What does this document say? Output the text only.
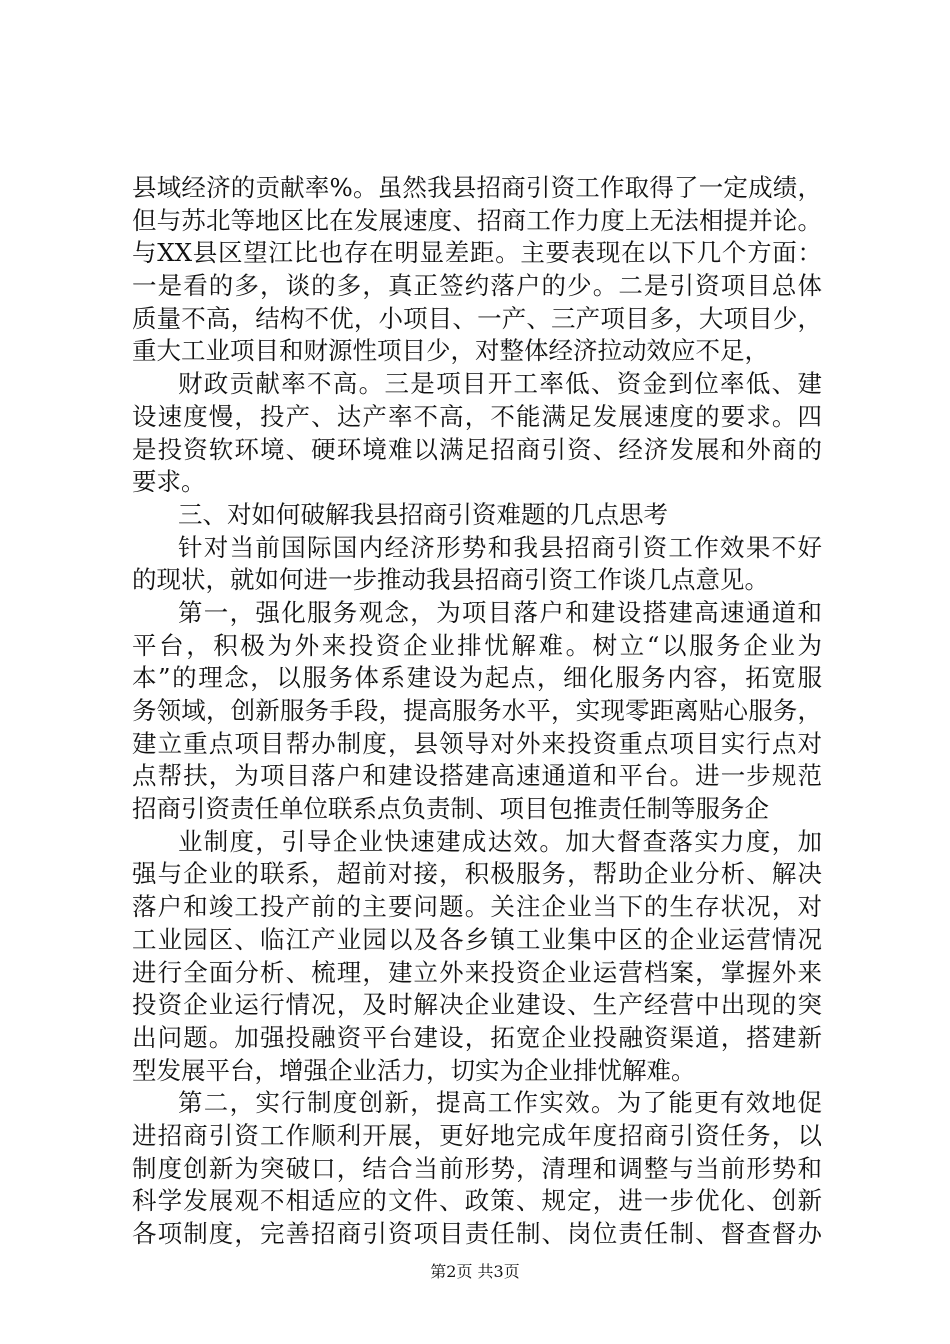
县域经济的贡献率%。虽然我县招商引资工作取得了一定成绩，
但与苏北等地区比在发展速度、招商工作力度上无法相提并论。
与XX县区望江比也存在明显差距。主要表现在以下几个方面：
一是看的多，谈的多，真正签约落户的少。二是引资项目总体
质量不高，结构不优，小项目、一产、三产项目多，大项目少，
重大工业项目和财源性项目少，对整体经济拉动效应不足，
财政贡献率不高。三是项目开工率低、资金到位率低、建
设速度慢，投产、达产率不高，不能满足发展速度的要求。四
是投资软环境、硬环境难以满足招商引资、经济发展和外商的
要求。
三、对如何破解我县招商引资难题的几点思考
针对当前国际国内经济形势和我县招商引资工作效果不好
的现状，就如何进一步推动我县招商引资工作谈几点意见。
第一，强化服务观念，为项目落户和建设搭建高速通道和
平台，积极为外来投资企业排忧解难。树立“以服务企业为
本”的理念，以服务体系建设为起点，细化服务内容，拓宽服
务领域，创新服务手段，提高服务水平，实现零距离贴心服务，
建立重点项目帮办制度，县领导对外来投资重点项目实行点对
点帮扶，为项目落户和建设搭建高速通道和平台。进一步规范
招商引资责任单位联系点负责制、项目包推责任制等服务企
业制度，引导企业快速建成达效。加大督查落实力度，加
强与企业的联系，超前对接，积极服务，帮助企业分析、解决
落户和竣工投产前的主要问题。关注企业当下的生存状况，对
工业园区、临江产业园以及各乡镇工业集中区的企业运营情况
进行全面分析、梳理，建立外来投资企业运营档案，掌握外来
投资企业运行情况，及时解决企业建设、生产经营中出现的突
出问题。加强投融资平台建设，拓宽企业投融资渠道，搭建新
型发展平台，增强企业活力，切实为企业排忧解难。
第二，实行制度创新，提高工作实效。为了能更有效地促
进招商引资工作顺利开展，更好地完成年度招商引资任务，以
制度创新为突破口，结合当前形势，清理和调整与当前形势和
科学发展观不相适应的文件、政策、规定，进一步优化、创新
各项制度，完善招商引资项目责任制、岗位责任制、督查督办
第2页 共3页
